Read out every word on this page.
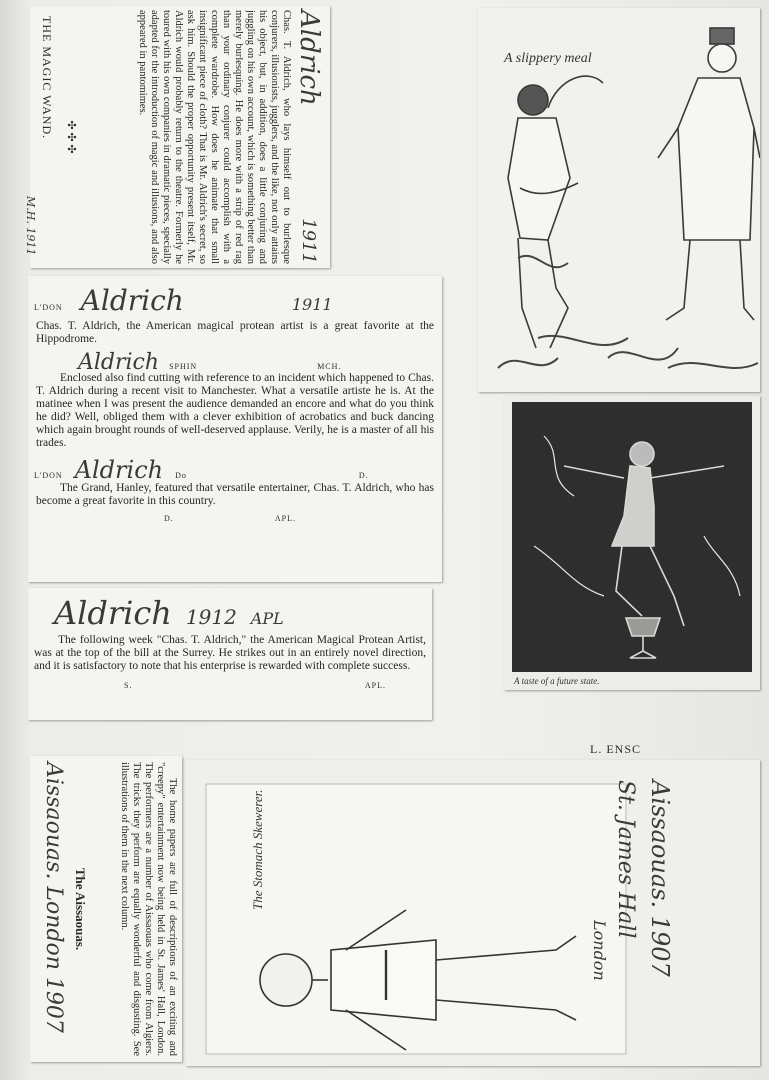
Aldrich
1911
Chas. T. Aldrich, who lays himself out to burlesque conjurers, illusionists, jugglers, and the like, not only attains his object, but, in addition, does a little conjuring and juggling on his own account, which is something better than merely burlesquing. He does more with a strip of red rag than your ordinary conjurer could accomplish with a complete wardrobe. How does he animate that small insignificant piece of cloth? That is Mr. Aldrich's secret, so ask him. Should the proper opportunity present itself, Mr. Aldrich would probably return to the theatre. Formerly he toured with his own companies in dramatic pieces, specially adapted for the introduction of magic and illusions, and also appeared in pantomimes.
✣ ✣ ✣
THE MAGIC WAND.
M.H. 1911
L'DON Aldrich	1911
Chas. T. Aldrich, the American magical protean artist is a great favorite at the Hippodrome.
Aldrich SPHIN	MCH.
Enclosed also find cutting with reference to an incident which happened to Chas. T. Aldrich during a recent visit to Manchester. What a versatile artiste he is. At the matinee when I was present the audience demanded an encore and what do you think he did? Well, obliged them with a clever exhibition of acrobatics and buck dancing which again brought rounds of well-deserved applause. Verily, he is a master of all his trades.
L'DON Aldrich Do	D.
The Grand, Hanley, featured that versatile entertainer, Chas. T. Aldrich, who has become a great favorite in this country.
D.	APL.
Aldrich 1912 APL
The following week "Chas. T. Aldrich," the American Magical Protean Artist, was at the top of the bill at the Surrey. He strikes out in an entirely novel direction, and it is satisfactory to note that his enterprise is rewarded with complete success.
S.	APL.
A slippery meal
A taste of a future state.
L. ENSC
The home papers are full of descriptions of an exciting and "creepy" entertainment now being held in St. James' Hall, London. The performers are a number of Aissaouas who come from Algiers. The tricks they perform are equally wonderful and disgusting. See illustrations of them in the next column.
The Aissaouas.
Aissaouas. London 1907	The Stomach Skewerer.	Aissaouas. 1907
St. James Hall
London
